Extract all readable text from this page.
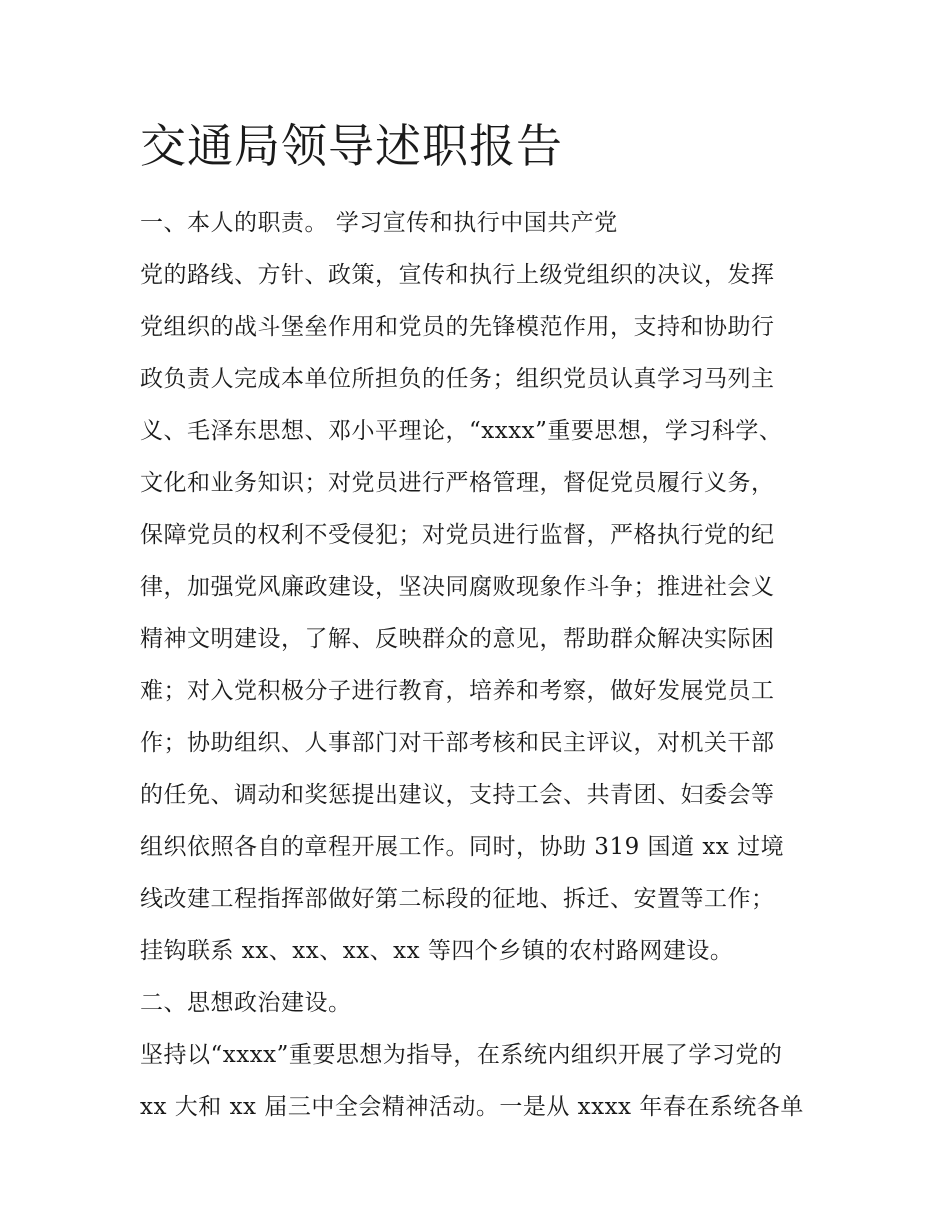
交通局领导述职报告
一、本人的职责。 学习宣传和执行中国共产党
党的路线、方针、政策，宣传和执行上级党组织的决议，发挥
党组织的战斗堡垒作用和党员的先锋模范作用，支持和协助行
政负责人完成本单位所担负的任务；组织党员认真学习马列主
义、毛泽东思想、邓小平理论，“xxxx”重要思想，学习科学、
文化和业务知识；对党员进行严格管理，督促党员履行义务，
保障党员的权利不受侵犯；对党员进行监督，严格执行党的纪
律，加强党风廉政建设，坚决同腐败现象作斗争；推进社会义
精神文明建设，了解、反映群众的意见，帮助群众解决实际困
难；对入党积极分子进行教育，培养和考察，做好发展党员工
作；协助组织、人事部门对干部考核和民主评议，对机关干部
的任免、调动和奖惩提出建议，支持工会、共青团、妇委会等
组织依照各自的章程开展工作。同时，协助 319 国道 xx 过境
线改建工程指挥部做好第二标段的征地、拆迁、安置等工作；
挂钩联系 xx、xx、xx、xx 等四个乡镇的农村路网建设。
二、思想政治建设。
坚持以“xxxx”重要思想为指导，在系统内组织开展了学习党的
xx 大和 xx 届三中全会精神活动。一是从 xxxx 年春在系统各单
